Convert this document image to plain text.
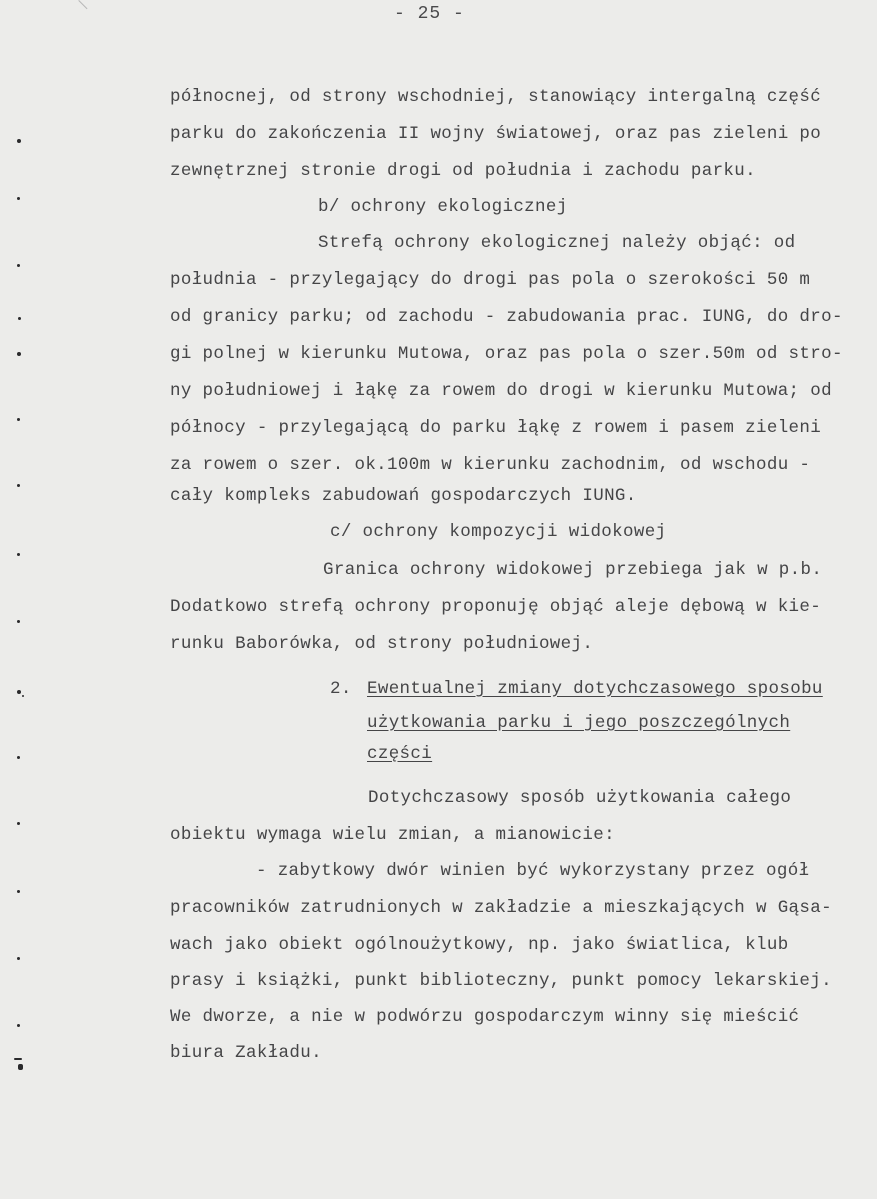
- 25 -
północnej, od strony wschodniej, stanowiący intergalną część
parku do zakończenia II wojny światowej, oraz pas zieleni po
zewnętrznej stronie drogi od południa i zachodu parku.
b/ ochrony ekologicznej
Strefą ochrony ekologicznej należy objąć: od
południa - przylegający do drogi pas pola o szerokości 50 m
od granicy parku; od zachodu - zabudowania prac. IUNG, do dro-
gi polnej w kierunku Mutowa, oraz pas pola o szer.50m od stro-
ny południowej i łąkę za rowem do drogi w kierunku Mutowa; od
północy - przylegającą do parku łąkę z rowem i pasem zieleni
za rowem o szer. ok.100m w kierunku zachodnim, od wschodu -
cały kompleks zabudowań gospodarczych IUNG.
c/ ochrony kompozycji widokowej
Granica ochrony widokowej przebiega jak w p.b.
Dodatkowo strefą ochrony proponuję objąć aleje dębową w kie-
runku Baborówka, od strony południowej.
2. Ewentualnej zmiany dotychczasowego sposobu
użytkowania parku i jego poszczególnych
części
Dotychczasowy sposób użytkowania całego
obiektu wymaga wielu zmian, a mianowicie:
- zabytkowy dwór winien być wykorzystany przez ogół
pracowników zatrudnionych w zakładzie a mieszkających w Gąsa-
wach jako obiekt ogólnoużytkowy, np. jako światlica, klub
prasy i książki, punkt biblioteczny, punkt pomocy lekarskiej.
We dworze, a nie w podwórzu gospodarczym winny się mieścić
biura Zakładu.
